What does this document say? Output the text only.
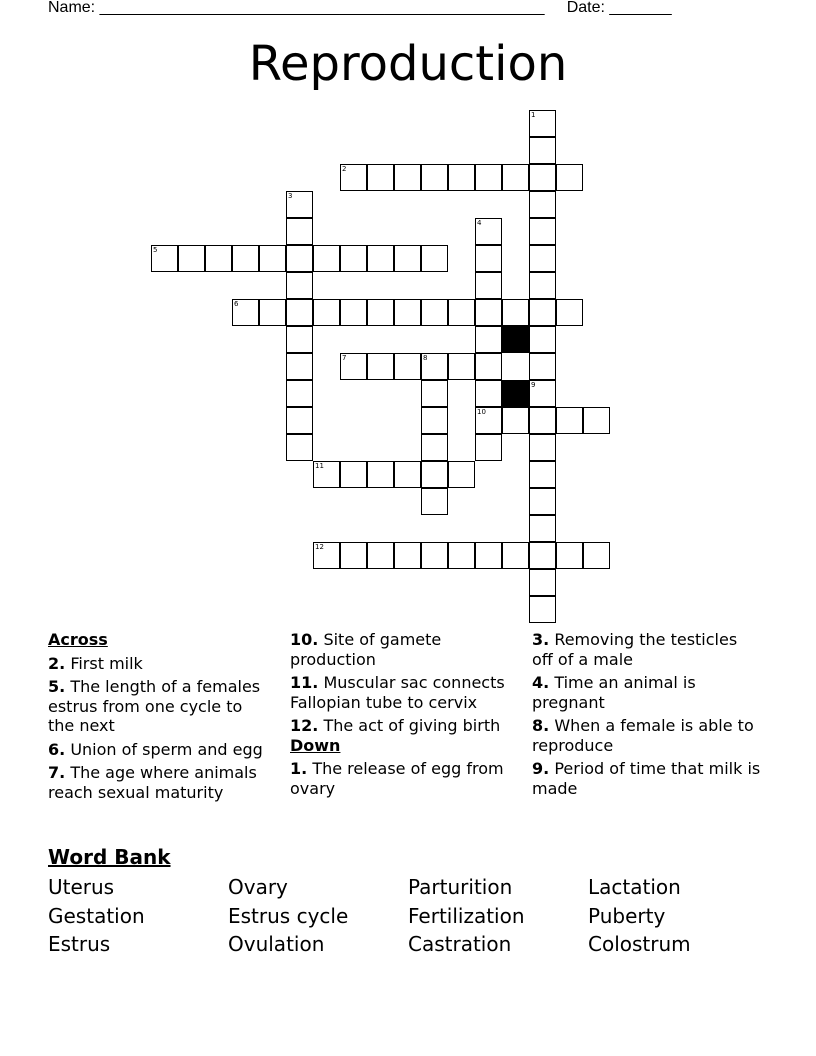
Name: __________________________________________________     Date: _______
Reproduction
1
2
3
4
5
6
7	8
9
10
11
12
Across
2. First milk
5. The length of a females estrus from one cycle to the next
6. Union of sperm and egg
7. The age where animals reach sexual maturity
10. Site of gamete production
11. Muscular sac connects Fallopian tube to cervix
12. The act of giving birth
Down
1. The release of egg from ovary
3. Removing the testicles off of a male
4. Time an animal is pregnant
8. When a female is able to reproduce
9. Period of time that milk is made
Word Bank
Uterus	Ovary	Parturition	Lactation
Gestation	Estrus cycle	Fertilization	Puberty
Estrus	Ovulation	Castration	Colostrum
